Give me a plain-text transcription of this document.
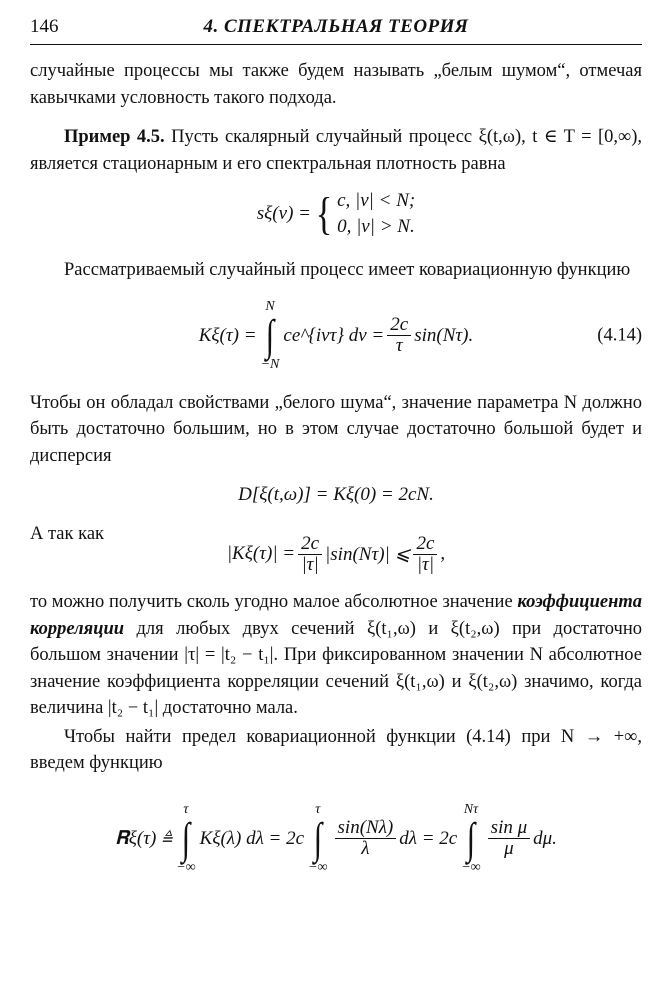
146	4. СПЕКТРАЛЬНАЯ ТЕОРИЯ

случайные процессы мы также будем называть „белым шумом“, отмечая кавычками условность такого подхода.

Пример 4.5. Пусть скалярный случайный процесс ξ(t,ω), t ∈ T = [0,∞), является стационарным и его спектральная плотность равна

sξ(ν) = { c, |ν| < N;
0, |ν| > N.

Рассматриваемый случайный процесс имеет ковариационную функцию

Kξ(τ) =
N
∫
−N
ce^{iντ} $d\nu = \frac{2c}{\tau} \sin(N\tau)$.	(4.14)

Чтобы он обладал свойствами „белого шума“, значение параметра N должно быть достаточно большим, но в этом случае достаточно большой будет и дисперсия

D[ξ(t,ω)] = Kξ(0) = 2cN.
А так как
$|K\xi(\tau)| = \frac{2c}{|\tau|} |\sin(N\tau)|$ ⩽ $\frac{2c}{|\tau|}$ ,

то можно получить сколь угодно малое абсолютное значение коэффициента корреляции для любых двух сечений ξ(t₁,ω) и ξ(t₂,ω) при достаточно большом значении |τ| = |t₂ − t₁|. При фиксированном значении N абсолютное значение коэффициента корреляции сечений ξ(t₁,ω) и ξ(t₂,ω) значимо, когда величина |t₂ − t₁| достаточно мала.

Чтобы найти предел ковариационной функции (4.14) при N → +∞, введем функцию

𝐑ξ(τ) ≜
τ
∫
−∞
Kξ(λ) dλ = 2c
τ
∫
−∞
$\frac{\sin(N\lambda)}{\lambda}$ dλ = 2c
Nτ
∫
−∞
$\frac{\text{sin μ}}{\mu} d\mu$.
